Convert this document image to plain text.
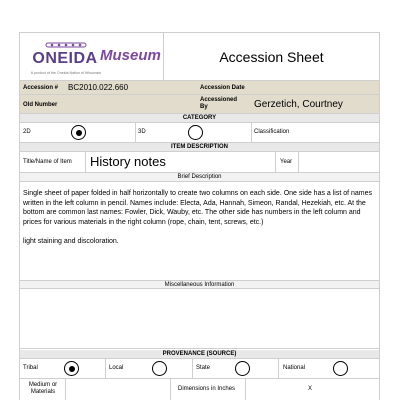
ONEIDA
A product of the Oneida Nation of Wisconsin
Museum	Accession Sheet
Accession # BC2010.022.660	Accession Date
Old Number
Accessioned By	Gerzetich, Courtney
CATEGORY
2D	3D	Classification
ITEM DESCRIPTION
Title/Name of Item History notes	Year
Brief Description

Single sheet of paper folded in half horizontally to create two columns on each side. One side has a list of names written in the left column in pencil. Names include: Electa, Ada, Hannah, Simeon, Randal, Hezekiah, etc. At the bottom are common last names: Fowler, Dick, Wauby, etc. The other side has numbers in the left column and prices for various materials in the right column (rope, chain, tent, screws, etc.)

light staining and discoloration.

Miscellaneous Information
PROVENANCE (SOURCE)
Tribal	Local	State	National
Medium or Materials	Dimensions in Inches	X
